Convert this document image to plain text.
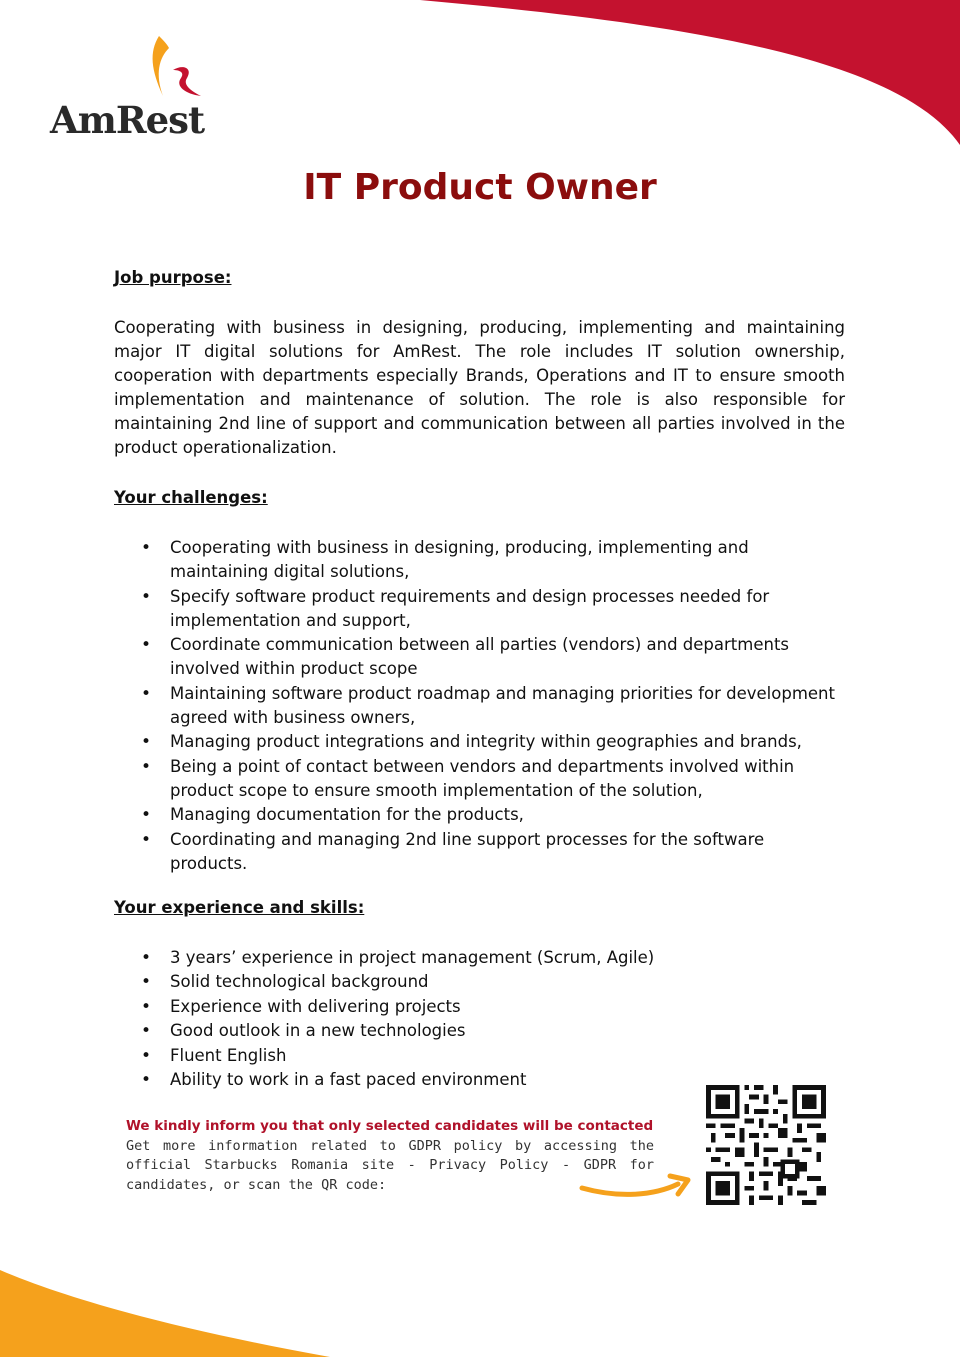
AmRest
IT Product Owner

Job purpose:

Cooperating with business in designing, producing, implementing and maintaining major IT digital solutions for AmRest. The role includes IT solution ownership, cooperation with departments especially Brands, Operations and IT to ensure smooth implementation and maintenance of solution. The role is also responsible for maintaining 2nd line of support and communication between all parties involved in the product operationalization.

Your challenges:

• Cooperating with business in designing, producing, implementing and maintaining digital solutions,
• Specify software product requirements and design processes needed for implementation and support,
• Coordinate communication between all parties (vendors) and departments involved within product scope
• Maintaining software product roadmap and managing priorities for development agreed with business owners,
• Managing product integrations and integrity within geographies and brands,
• Being a point of contact between vendors and departments involved within product scope to ensure smooth implementation of the solution,
• Managing documentation for the products,
• Coordinating and managing 2nd line support processes for the software products.

Your experience and skills:

• 3 years’ experience in project management (Scrum, Agile)
• Solid technological background
• Experience with delivering projects
• Good outlook in a new technologies
• Fluent English
• Ability to work in a fast paced environment
We kindly inform you that only selected candidates will be contacted
Get more information related to GDPR policy by accessing the official Starbucks Romania site - Privacy Policy - GDPR for candidates, or scan the QR code:
